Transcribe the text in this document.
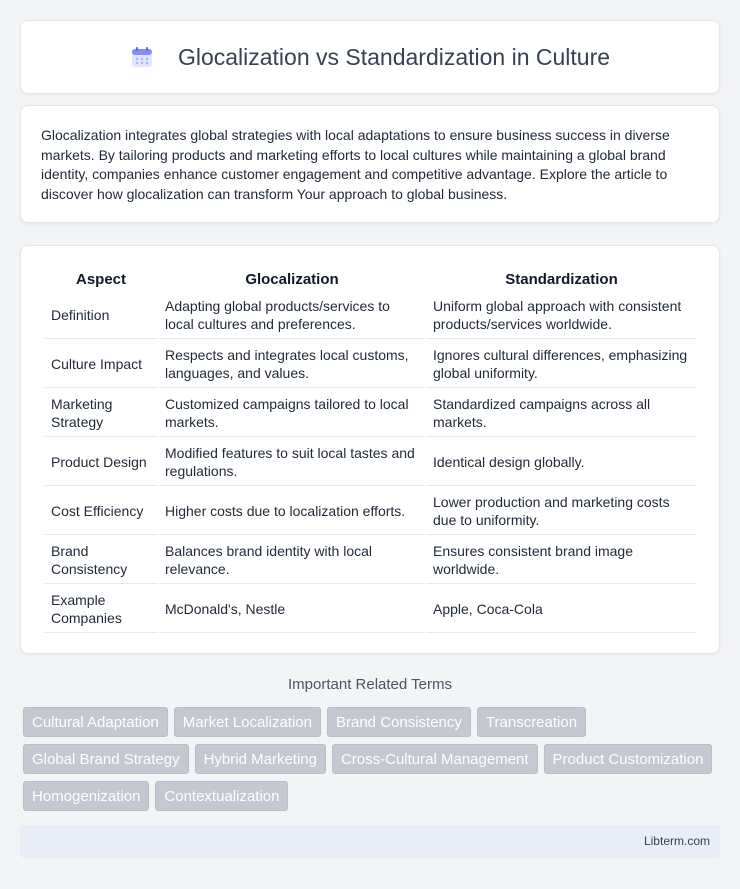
Glocalization vs Standardization in Culture

Glocalization integrates global strategies with local adaptations to ensure business success in diverse markets. By tailoring products and marketing efforts to local cultures while maintaining a global brand identity, companies enhance customer engagement and competitive advantage. Explore the article to discover how glocalization can transform Your approach to global business.

Aspect	Glocalization	Standardization
Definition	Adapting global products/services to local cultures and preferences.	Uniform global approach with consistent products/services worldwide.
Culture Impact	Respects and integrates local customs, languages, and values.	Ignores cultural differences, emphasizing global uniformity.
Marketing Strategy	Customized campaigns tailored to local markets.	Standardized campaigns across all markets.
Product Design	Modified features to suit local tastes and regulations.	Identical design globally.
Cost Efficiency	Higher costs due to localization efforts.	Lower production and marketing costs due to uniformity.
Brand Consistency	Balances brand identity with local relevance.	Ensures consistent brand image worldwide.
Example Companies	McDonald's, Nestle	Apple, Coca-Cola
Important Related Terms
Cultural Adaptation	Market Localization	Brand Consistency	Transcreation
Global Brand Strategy	Hybrid Marketing	Cross-Cultural Management	Product Customization
Homogenization	Contextualization
Libterm.com
